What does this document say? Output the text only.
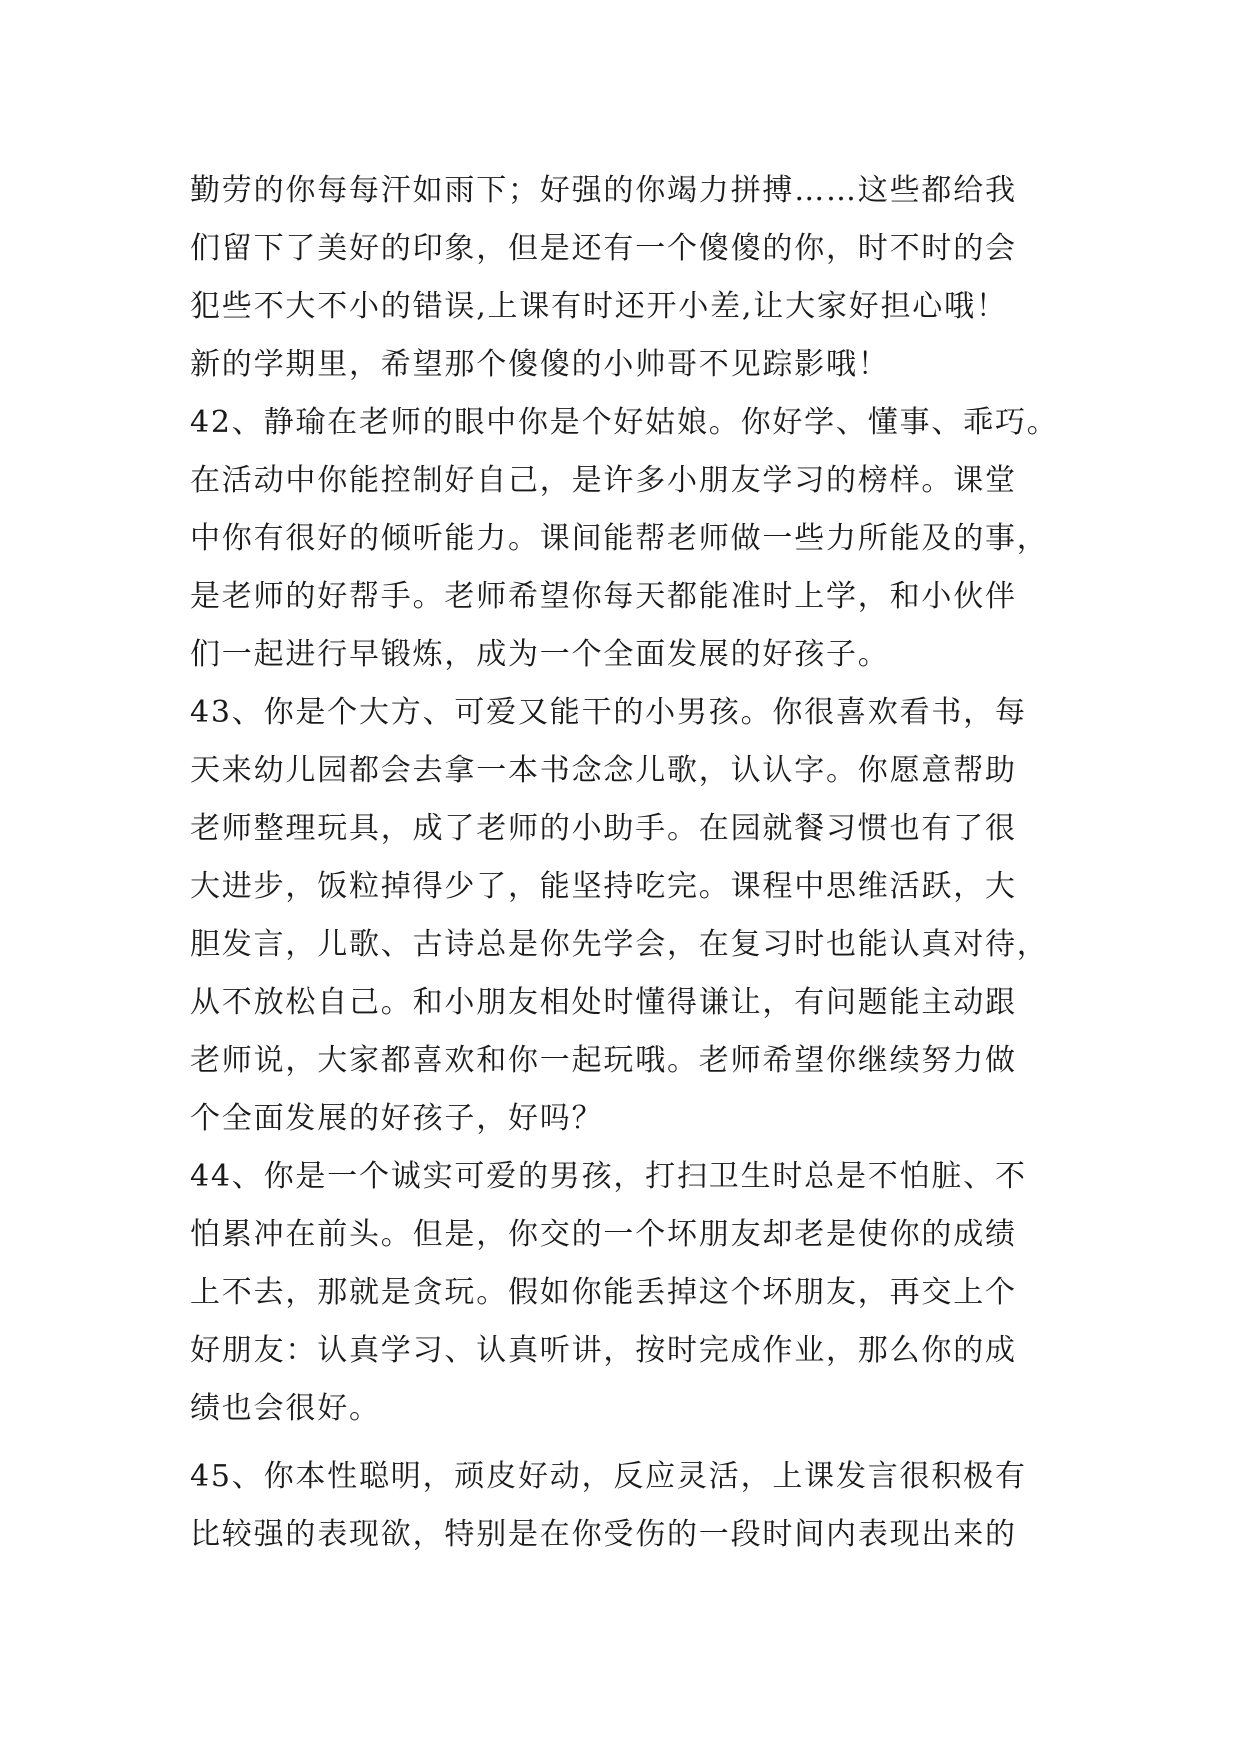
勤劳的你每每汗如雨下；好强的你竭力拼搏……这些都给我
们留下了美好的印象，但是还有一个傻傻的你，时不时的会
犯些不大不小的错误,上课有时还开小差,让大家好担心哦！
新的学期里，希望那个傻傻的小帅哥不见踪影哦！
42、静瑜在老师的眼中你是个好姑娘。你好学、懂事、乖巧。
在活动中你能控制好自己，是许多小朋友学习的榜样。课堂
中你有很好的倾听能力。课间能帮老师做一些力所能及的事，
是老师的好帮手。老师希望你每天都能准时上学，和小伙伴
们一起进行早锻炼，成为一个全面发展的好孩子。
43、你是个大方、可爱又能干的小男孩。你很喜欢看书，每
天来幼儿园都会去拿一本书念念儿歌，认认字。你愿意帮助
老师整理玩具，成了老师的小助手。在园就餐习惯也有了很
大进步，饭粒掉得少了，能坚持吃完。课程中思维活跃，大
胆发言，儿歌、古诗总是你先学会，在复习时也能认真对待，
从不放松自己。和小朋友相处时懂得谦让，有问题能主动跟
老师说，大家都喜欢和你一起玩哦。老师希望你继续努力做
个全面发展的好孩子，好吗？
44、你是一个诚实可爱的男孩，打扫卫生时总是不怕脏、不
怕累冲在前头。但是，你交的一个坏朋友却老是使你的成绩
上不去，那就是贪玩。假如你能丢掉这个坏朋友，再交上个
好朋友：认真学习、认真听讲，按时完成作业，那么你的成
绩也会很好。
45、你本性聪明，顽皮好动，反应灵活，上课发言很积极有
比较强的表现欲，特别是在你受伤的一段时间内表现出来的
